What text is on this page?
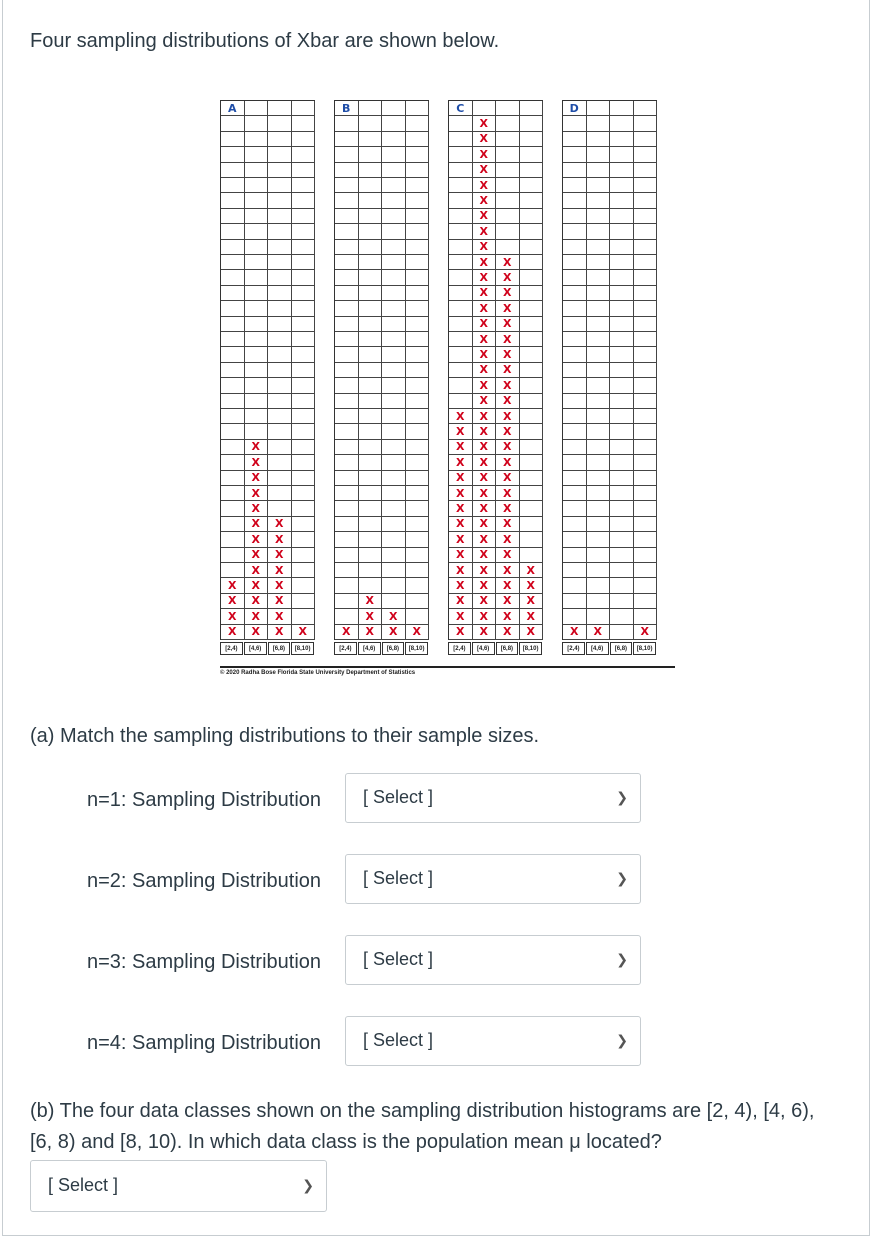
Four sampling distributions of Xbar are shown below.

A
X
X
X
X
X
X	X
X	X
X	X
X	X
X	X	X
X	X	X
X	X	X
X	X	X	X
[2,4)	[4,6)	[6,8)	[8,10)
B
X
X	X
X	X	X	X
[2,4)	[4,6)	[6,8)	[8,10)
C
X
X
X
X
X
X
X
X
X
X	X
X	X
X	X
X	X
X	X
X	X
X	X
X	X
X	X
X	X
X	X	X
X	X	X
X	X	X
X	X	X
X	X	X
X	X	X
X	X	X
X	X	X
X	X	X
X	X	X
X	X	X	X
X	X	X	X
X	X	X	X
X	X	X	X
X	X	X	X
[2,4)	[4,6)	[6,8)	[8,10)
D
X	X	X
[2,4)	[4,6)	[6,8)	[8,10)
© 2020 Radha Bose Florida State University Department of Statistics

(a) Match the sampling distributions to their sample sizes.

n=1: Sampling Distribution [ Select ]	❯
n=2: Sampling Distribution [ Select ]	❯
n=3: Sampling Distribution [ Select ]	❯
n=4: Sampling Distribution [ Select ]	❯

(b) The four data classes shown on the sampling distribution histograms are [2, 4), [4, 6), [6, 8) and [8, 10). In which data class is the population mean μ located?

[ Select ]	❯
